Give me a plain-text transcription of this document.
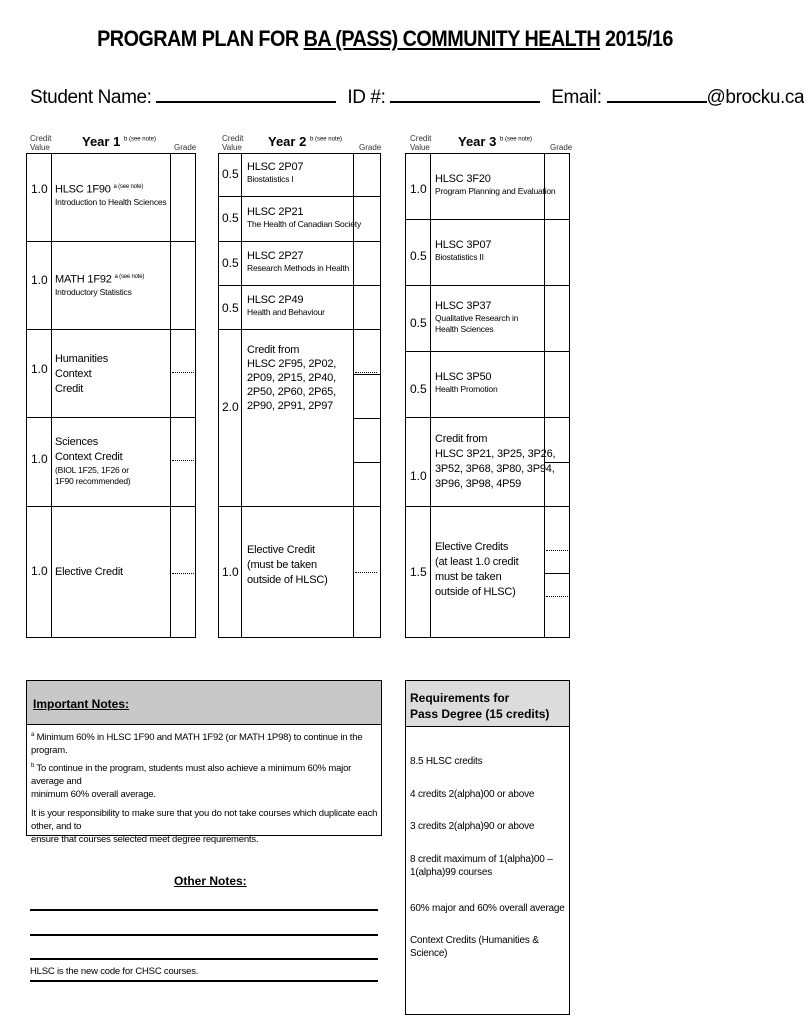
PROGRAM PLAN FOR BA (PASS) COMMUNITY HEALTH 2015/16
Student Name:	ID #:	Email:	@brocku.ca
Credit
Value Year 1 $^{b (see note)}$
Grade
1.0 HLSC 1F90 $^{a (see note)}$
Introduction to Health Sciences
1.0 MATH 1F92 $^{a (see note)}$
Introductory Statistics
1.0
Humanities
Context
Credit
1.0
Sciences
Context Credit
(BIOL 1F25, 1F26 or
1F90 recommended)
1.0 Elective Credit
Credit
Value Year 2 $^{b (see note)}$
Grade
0.5 HLSC 2P07
Biostatistics I
0.5 HLSC 2P21
The Health of Canadian Society
0.5 HLSC 2P27
Research Methods in Health
0.5
HLSC 2P49
Health and Behaviour
2.0
Credit from
HLSC 2F95, 2P02,
2P09, 2P15, 2P40,
2P50, 2P60, 2P65,
2P90, 2P91, 2P97
1.0
Elective Credit
(must be taken
outside of HLSC)
Credit
Value Year 3 $^{b (see note)}$
Grade
1.0
HLSC 3F20
Program Planning and Evaluation
0.5
HLSC 3P07
Biostatistics II
0.5
HLSC 3P37
Qualitative Research in
Health Sciences
0.5
HLSC 3P50
Health Promotion
1.0
Credit from
HLSC 3P21, 3P25, 3P26,
3P52, 3P68, 3P80, 3P94,
3P96, 3P98, 4P59
1.5
Elective Credits
(at least 1.0 credit
must be taken
outside of HLSC)
Important Notes:
$^a$ Minimum 60% in HLSC 1F90 and MATH 1F92 (or MATH 1P98) to continue in the program.
$^b$ To continue in the program, students must also achieve a minimum 60% major average and
minimum 60% overall average.
It is your responsibility to make sure that you do not take courses which duplicate each other, and to
ensure that courses selected meet degree requirements.
Other Notes:
HLSC is the new code for CHSC courses.
Requirements for
Pass Degree (15 credits)
8.5 HLSC credits
4 credits 2(alpha)00 or above
3 credits 2(alpha)90 or above
8 credit maximum of 1(alpha)00 –
1(alpha)99 courses
60% major and 60% overall average
Context Credits (Humanities & Science)
